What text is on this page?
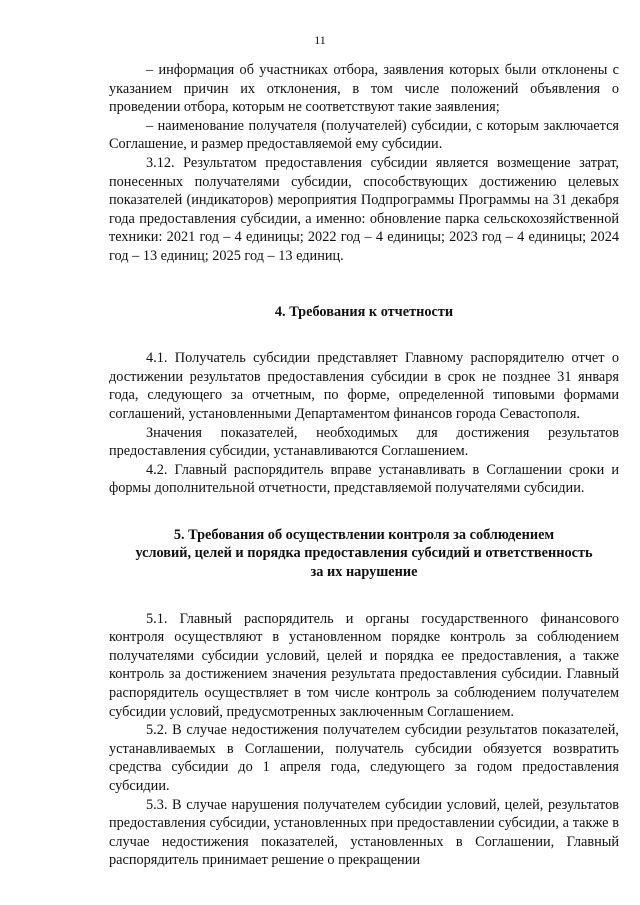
11

– информация об участниках отбора, заявления которых были отклонены с указанием причин их отклонения, в том числе положений объявления о проведении отбора, которым не соответствуют такие заявления;

– наименование получателя (получателей) субсидии, с которым заключается Соглашение, и размер предоставляемой ему субсидии.

3.12. Результатом предоставления субсидии является возмещение затрат, понесенных получателями субсидии, способствующих достижению целевых показателей (индикаторов) мероприятия Подпрограммы Программы на 31 декабря года предоставления субсидии, а именно: обновление парка сельскохозяйственной техники: 2021 год – 4 единицы; 2022 год – 4 единицы; 2023 год – 4 единицы; 2024 год – 13 единиц; 2025 год – 13 единиц.

4. Требования к отчетности

4.1. Получатель субсидии представляет Главному распорядителю отчет о достижении результатов предоставления субсидии в срок не позднее 31 января года, следующего за отчетным, по форме, определенной типовыми формами соглашений, установленными Департаментом финансов города Севастополя.

Значения показателей, необходимых для достижения результатов предоставления субсидии, устанавливаются Соглашением.

4.2. Главный распорядитель вправе устанавливать в Соглашении сроки и формы дополнительной отчетности, представляемой получателями субсидии.

5. Требования об осуществлении контроля за соблюдением
условий, целей и порядка предоставления субсидий и ответственность
за их нарушение

5.1. Главный распорядитель и органы государственного финансового контроля осуществляют в установленном порядке контроль за соблюдением получателями субсидии условий, целей и порядка ее предоставления, а также контроль за достижением значения результата предоставления субсидии. Главный распорядитель осуществляет в том числе контроль за соблюдением получателем субсидии условий, предусмотренных заключенным Соглашением.

5.2. В случае недостижения получателем субсидии результатов показателей, устанавливаемых в Соглашении, получатель субсидии обязуется возвратить средства субсидии до 1 апреля года, следующего за годом предоставления субсидии.

5.3. В случае нарушения получателем субсидии условий, целей, результатов предоставления субсидии, установленных при предоставлении субсидии, а также в случае недостижения показателей, установленных в Соглашении, Главный распорядитель принимает решение о прекращении
